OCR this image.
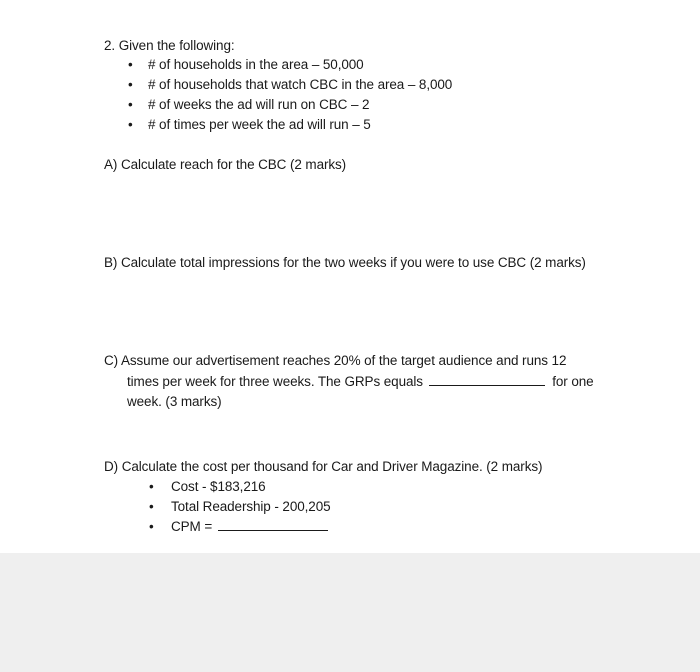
2. Given the following:
• # of households in the area – 50,000
• # of households that watch CBC in the area – 8,000
• # of weeks the ad will run on CBC – 2
• # of times per week the ad will run – 5
A) Calculate reach for the CBC (2 marks)
B) Calculate total impressions for the two weeks if you were to use CBC (2 marks)
C) Assume our advertisement reaches 20% of the target audience and runs 12
times per week for three weeks. The GRPs equals	for one
week. (3 marks)
D) Calculate the cost per thousand for Car and Driver Magazine. (2 marks)
• Cost - $183,216
• Total Readership - 200,205
• CPM =
